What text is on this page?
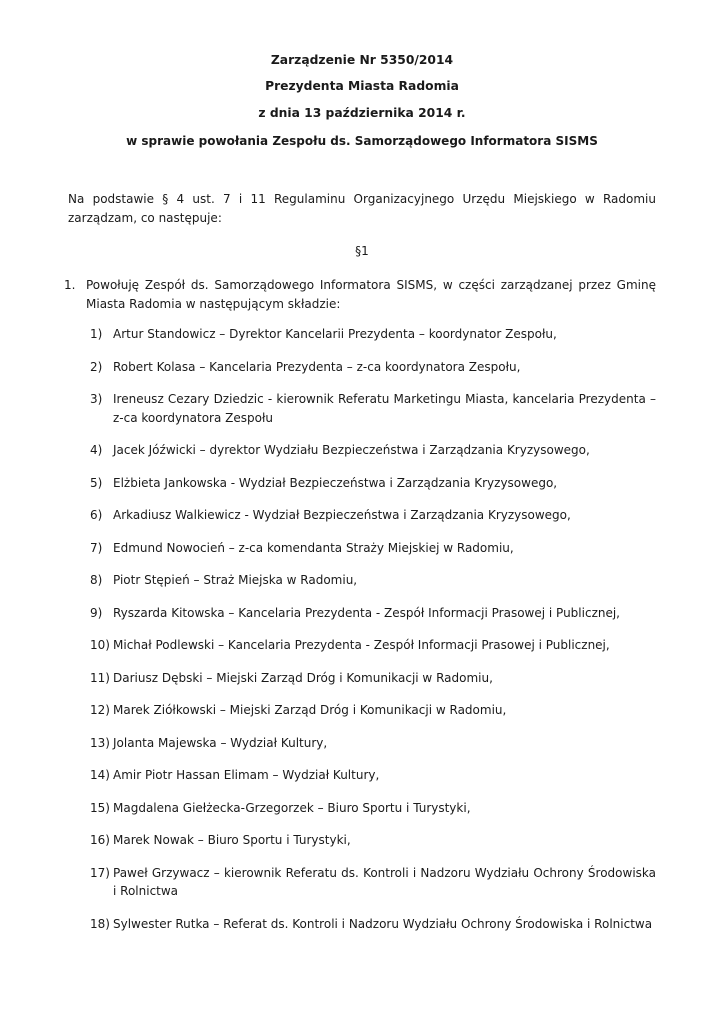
Zarządzenie Nr 5350/2014
Prezydenta Miasta Radomia
z dnia 13 października 2014 r.
w sprawie powołania Zespołu ds. Samorządowego Informatora SISMS
Na podstawie § 4 ust. 7 i 11 Regulaminu Organizacyjnego Urzędu Miejskiego w Radomiu zarządzam, co następuje:
§1
1. Powołuję Zespół ds. Samorządowego Informatora SISMS, w części zarządzanej przez Gminę Miasta Radomia w następującym składzie:
1) Artur Standowicz – Dyrektor Kancelarii Prezydenta – koordynator Zespołu,
2) Robert Kolasa – Kancelaria Prezydenta – z-ca koordynatora Zespołu,
3) Ireneusz Cezary Dziedzic - kierownik Referatu Marketingu Miasta, kancelaria Prezydenta – z-ca koordynatora Zespołu
4) Jacek Jóźwicki – dyrektor Wydziału Bezpieczeństwa i Zarządzania Kryzysowego,
5) Elżbieta Jankowska - Wydział Bezpieczeństwa i Zarządzania Kryzysowego,
6) Arkadiusz Walkiewicz - Wydział Bezpieczeństwa i Zarządzania Kryzysowego,
7) Edmund Nowocień – z-ca komendanta Straży Miejskiej w Radomiu,
8) Piotr Stępień – Straż Miejska w Radomiu,
9) Ryszarda Kitowska – Kancelaria Prezydenta - Zespół Informacji Prasowej i Publicznej,
10) Michał Podlewski – Kancelaria Prezydenta - Zespół Informacji Prasowej i Publicznej,
11) Dariusz Dębski – Miejski Zarząd Dróg i Komunikacji w Radomiu,
12) Marek Ziółkowski – Miejski Zarząd Dróg i Komunikacji w Radomiu,
13) Jolanta Majewska – Wydział Kultury,
14) Amir Piotr Hassan Elimam – Wydział Kultury,
15) Magdalena Giełżecka-Grzegorzek – Biuro Sportu i Turystyki,
16) Marek Nowak – Biuro Sportu i Turystyki,
17) Paweł Grzywacz – kierownik Referatu ds. Kontroli i Nadzoru Wydziału Ochrony Środowiska i Rolnictwa
18) Sylwester Rutka – Referat ds. Kontroli i Nadzoru Wydziału Ochrony Środowiska i Rolnictwa
